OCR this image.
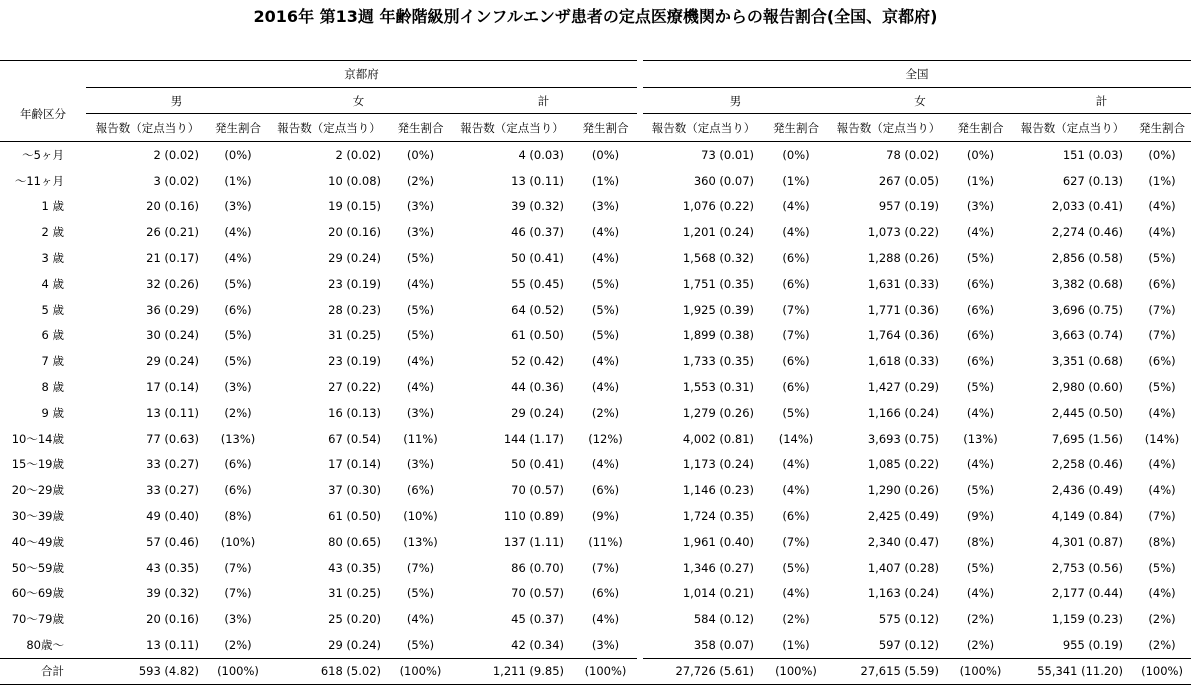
2016年 第13週 年齢階級別インフルエンザ患者の定点医療機関からの報告割合(全国、京都府)
	京都府							全国					
年齢区分	男		女		計			男		女		計	
	報告数（定点当り）	発生割合	報告数（定点当り）	発生割合	報告数（定点当り）	発生割合		報告数（定点当り）	発生割合	報告数（定点当り）	発生割合	報告数（定点当り）	発生割合
～5ヶ月	2 (0.02)	(0%)	2 (0.02)	(0%)	4 (0.03)	(0%)		73 (0.01)	(0%)	78 (0.02)	(0%)	151 (0.03)	(0%)
～11ヶ月	3 (0.02)	(1%)	10 (0.08)	(2%)	13 (0.11)	(1%)		360 (0.07)	(1%)	267 (0.05)	(1%)	627 (0.13)	(1%)
1 歳	20 (0.16)	(3%)	19 (0.15)	(3%)	39 (0.32)	(3%)		1,076 (0.22)	(4%)	957 (0.19)	(3%)	2,033 (0.41)	(4%)
2 歳	26 (0.21)	(4%)	20 (0.16)	(3%)	46 (0.37)	(4%)		1,201 (0.24)	(4%)	1,073 (0.22)	(4%)	2,274 (0.46)	(4%)
3 歳	21 (0.17)	(4%)	29 (0.24)	(5%)	50 (0.41)	(4%)		1,568 (0.32)	(6%)	1,288 (0.26)	(5%)	2,856 (0.58)	(5%)
4 歳	32 (0.26)	(5%)	23 (0.19)	(4%)	55 (0.45)	(5%)		1,751 (0.35)	(6%)	1,631 (0.33)	(6%)	3,382 (0.68)	(6%)
5 歳	36 (0.29)	(6%)	28 (0.23)	(5%)	64 (0.52)	(5%)		1,925 (0.39)	(7%)	1,771 (0.36)	(6%)	3,696 (0.75)	(7%)
6 歳	30 (0.24)	(5%)	31 (0.25)	(5%)	61 (0.50)	(5%)		1,899 (0.38)	(7%)	1,764 (0.36)	(6%)	3,663 (0.74)	(7%)
7 歳	29 (0.24)	(5%)	23 (0.19)	(4%)	52 (0.42)	(4%)		1,733 (0.35)	(6%)	1,618 (0.33)	(6%)	3,351 (0.68)	(6%)
8 歳	17 (0.14)	(3%)	27 (0.22)	(4%)	44 (0.36)	(4%)		1,553 (0.31)	(6%)	1,427 (0.29)	(5%)	2,980 (0.60)	(5%)
9 歳	13 (0.11)	(2%)	16 (0.13)	(3%)	29 (0.24)	(2%)		1,279 (0.26)	(5%)	1,166 (0.24)	(4%)	2,445 (0.50)	(4%)
10～14歳	77 (0.63)	(13%)	67 (0.54)	(11%)	144 (1.17)	(12%)		4,002 (0.81)	(14%)	3,693 (0.75)	(13%)	7,695 (1.56)	(14%)
15～19歳	33 (0.27)	(6%)	17 (0.14)	(3%)	50 (0.41)	(4%)		1,173 (0.24)	(4%)	1,085 (0.22)	(4%)	2,258 (0.46)	(4%)
20～29歳	33 (0.27)	(6%)	37 (0.30)	(6%)	70 (0.57)	(6%)		1,146 (0.23)	(4%)	1,290 (0.26)	(5%)	2,436 (0.49)	(4%)
30～39歳	49 (0.40)	(8%)	61 (0.50)	(10%)	110 (0.89)	(9%)		1,724 (0.35)	(6%)	2,425 (0.49)	(9%)	4,149 (0.84)	(7%)
40～49歳	57 (0.46)	(10%)	80 (0.65)	(13%)	137 (1.11)	(11%)		1,961 (0.40)	(7%)	2,340 (0.47)	(8%)	4,301 (0.87)	(8%)
50～59歳	43 (0.35)	(7%)	43 (0.35)	(7%)	86 (0.70)	(7%)		1,346 (0.27)	(5%)	1,407 (0.28)	(5%)	2,753 (0.56)	(5%)
60～69歳	39 (0.32)	(7%)	31 (0.25)	(5%)	70 (0.57)	(6%)		1,014 (0.21)	(4%)	1,163 (0.24)	(4%)	2,177 (0.44)	(4%)
70～79歳	20 (0.16)	(3%)	25 (0.20)	(4%)	45 (0.37)	(4%)		584 (0.12)	(2%)	575 (0.12)	(2%)	1,159 (0.23)	(2%)
80歳～	13 (0.11)	(2%)	29 (0.24)	(5%)	42 (0.34)	(3%)		358 (0.07)	(1%)	597 (0.12)	(2%)	955 (0.19)	(2%)
合計	593 (4.82)	(100%)	618 (5.02)	(100%)	1,211 (9.85)	(100%)		27,726 (5.61)	(100%)	27,615 (5.59)	(100%)	55,341 (11.20)	(100%)
